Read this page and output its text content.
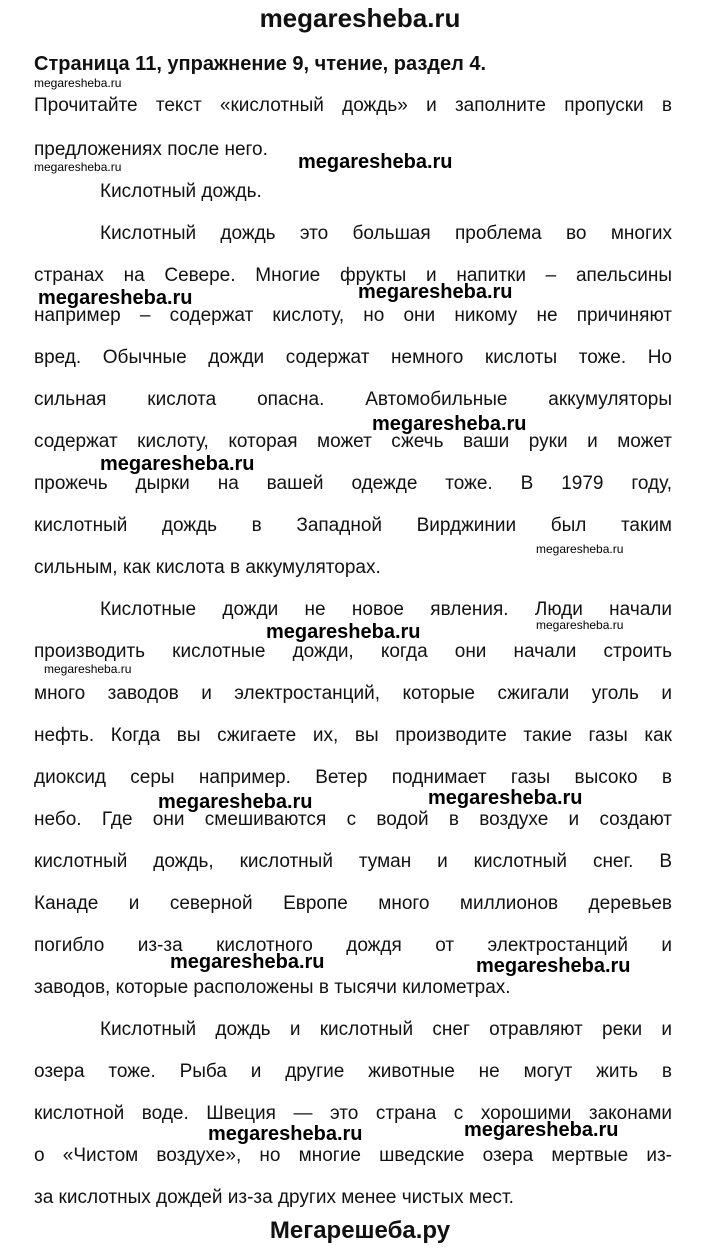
megaresheba.ru
Страница 11, упражнение 9, чтение, раздел 4.
Прочитайте текст «кислотный дождь» и заполните пропуски в
предложениях после него.
Кислотный дождь.
Кислотный дождь это большая проблема во многих
странах на Севере. Многие фрукты и напитки – апельсины
например – содержат кислоту, но они никому не причиняют
вред. Обычные дожди содержат немного кислоты тоже. Но
сильная кислота опасна. Автомобильные аккумуляторы
содержат кислоту, которая может сжечь ваши руки и может
прожечь дырки на вашей одежде тоже. В 1979 году,
кислотный дождь в Западной Вирджинии был таким
сильным, как кислота в аккумуляторах.
Кислотные дожди не новое явления. Люди начали
производить кислотные дожди, когда они начали строить
много заводов и электростанций, которые сжигали уголь и
нефть. Когда вы сжигаете их, вы производите такие газы как
диоксид серы например. Ветер поднимает газы высоко в
небо. Где они смешиваются с водой в воздухе и создают
кислотный дождь, кислотный туман и кислотный снег. В
Канаде и северной Европе много миллионов деревьев
погибло из-за кислотного дождя от электростанций и
заводов, которые расположены в тысячи километрах.
Кислотный дождь и кислотный снег отравляют реки и
озера тоже. Рыба и другие животные не могут жить в
кислотной воде. Швеция — это страна с хорошими законами
о «Чистом воздухе», но многие шведские озера мертвые из-
за кислотных дождей из-за других менее чистых мест.
megaresheba.ru
megaresheba.ru	megaresheba.ru
megaresheba.ru	megaresheba.ru
megaresheba.ru
megaresheba.ru
megaresheba.ru
megaresheba.ru
megaresheba.ru
megaresheba.ru
megaresheba.ru	megaresheba.ru
megaresheba.ru	megaresheba.ru
megaresheba.ru	megaresheba.ru
Мегарешеба.ру
